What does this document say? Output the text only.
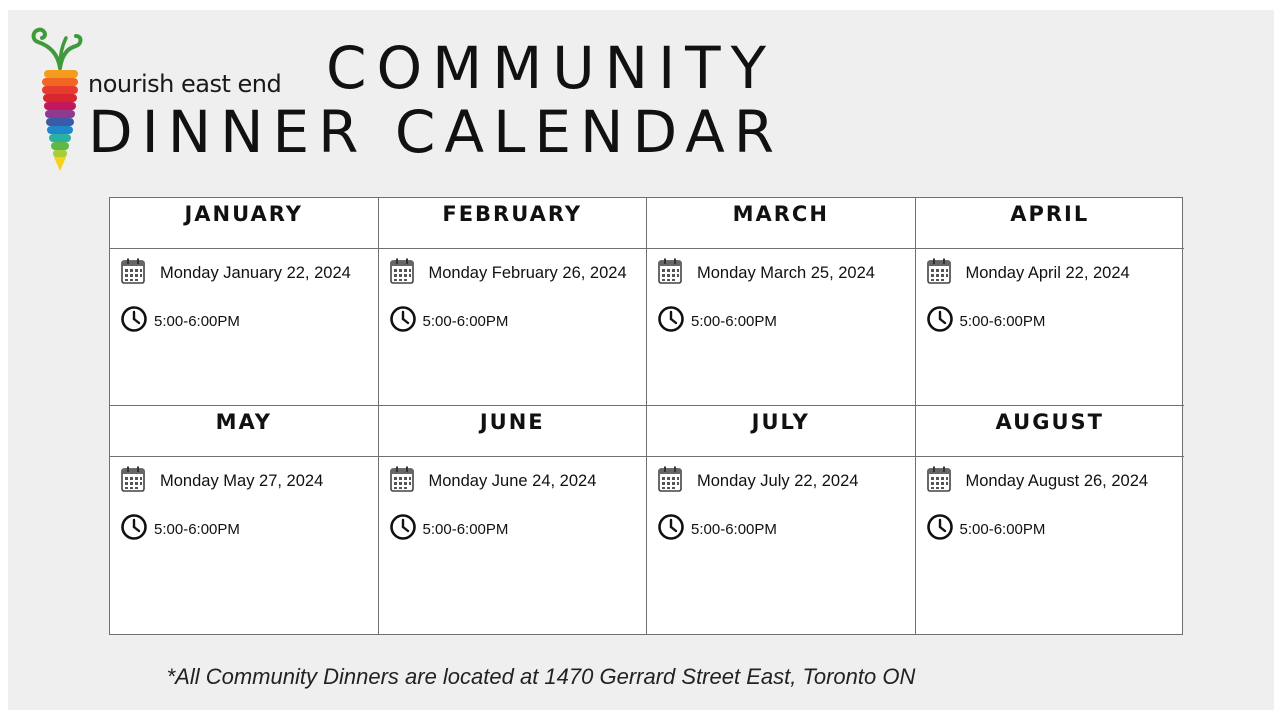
nourish east end COMMUNITY
DINNER CALENDAR
JANUARY
Monday January 22, 2024
5:00-6:00PM
FEBRUARY
Monday February 26, 2024
5:00-6:00PM
MARCH
Monday March 25, 2024
5:00-6:00PM
APRIL
Monday April 22, 2024
5:00-6:00PM
MAY
Monday May 27, 2024
5:00-6:00PM
JUNE
Monday June 24, 2024
5:00-6:00PM
JULY
Monday July 22, 2024
5:00-6:00PM
AUGUST
Monday August 26, 2024
5:00-6:00PM
*All Community Dinners are located at 1470 Gerrard Street East, Toronto ON
